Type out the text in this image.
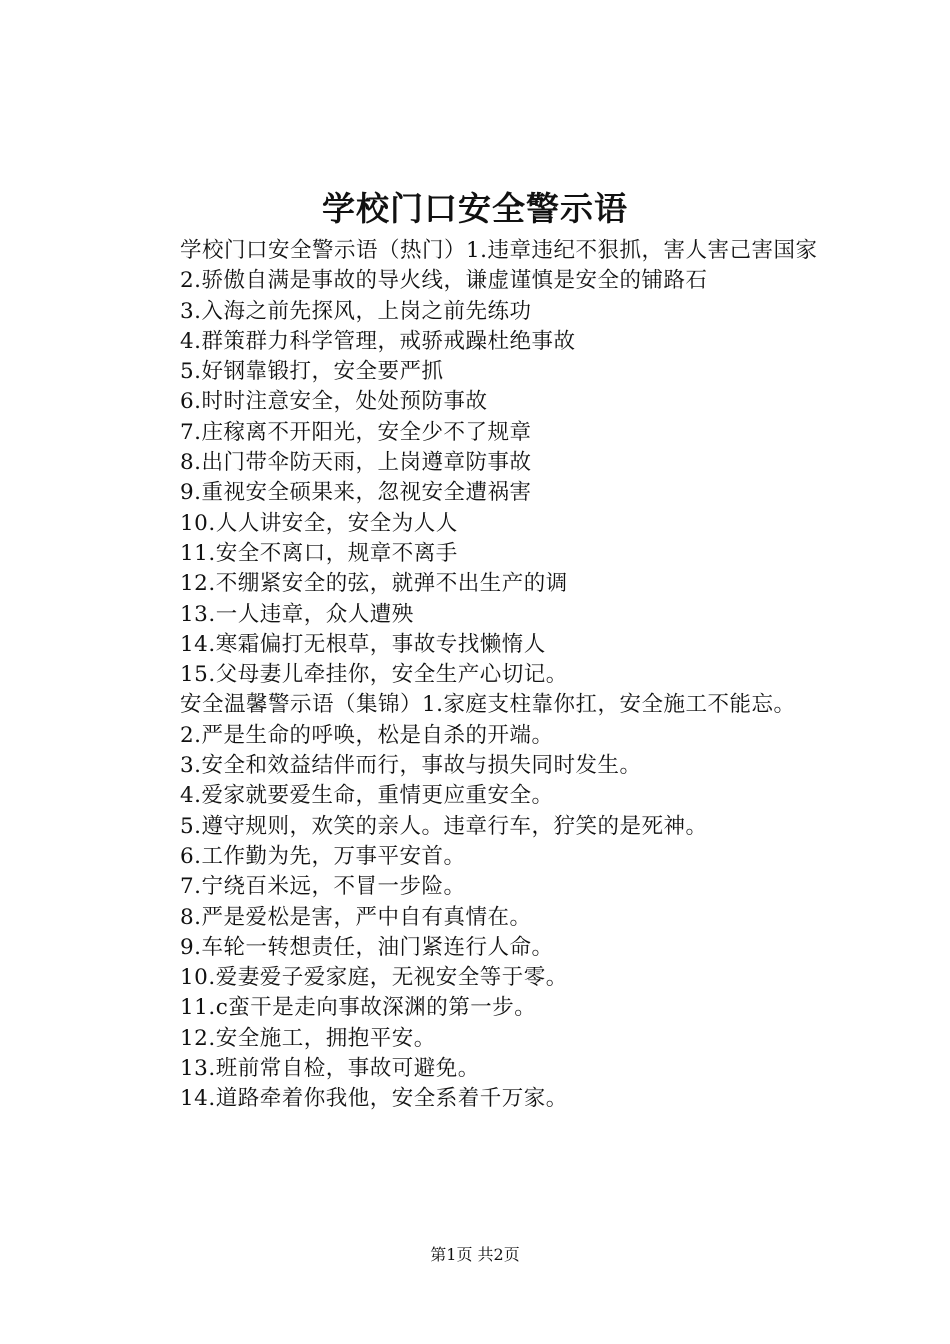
学校门口安全警示语

学校门口安全警示语（热门）1.违章违纪不狠抓，害人害己害国家

2.骄傲自满是事故的导火线，谦虚谨慎是安全的铺路石

3.入海之前先探风，上岗之前先练功

4.群策群力科学管理，戒骄戒躁杜绝事故

5.好钢靠锻打，安全要严抓

6.时时注意安全，处处预防事故

7.庄稼离不开阳光，安全少不了规章

8.出门带伞防天雨，上岗遵章防事故

9.重视安全硕果来，忽视安全遭祸害

10.人人讲安全，安全为人人

11.安全不离口，规章不离手

12.不绷紧安全的弦，就弹不出生产的调

13.一人违章，众人遭殃

14.寒霜偏打无根草，事故专找懒惰人

15.父母妻儿牵挂你，安全生产心切记。

安全温馨警示语（集锦）1.家庭支柱靠你扛，安全施工不能忘。

2.严是生命的呼唤，松是自杀的开端。

3.安全和效益结伴而行，事故与损失同时发生。

4.爱家就要爱生命，重情更应重安全。

5.遵守规则，欢笑的亲人。违章行车，狞笑的是死神。

6.工作勤为先，万事平安首。

7.宁绕百米远，不冒一步险。

8.严是爱松是害，严中自有真情在。

9.车轮一转想责任，油门紧连行人命。

10.爱妻爱子爱家庭，无视安全等于零。

11.c蛮干是走向事故深渊的第一步。

12.安全施工，拥抱平安。

13.班前常自检，事故可避免。

14.道路牵着你我他，安全系着千万家。

第1页 共2页
